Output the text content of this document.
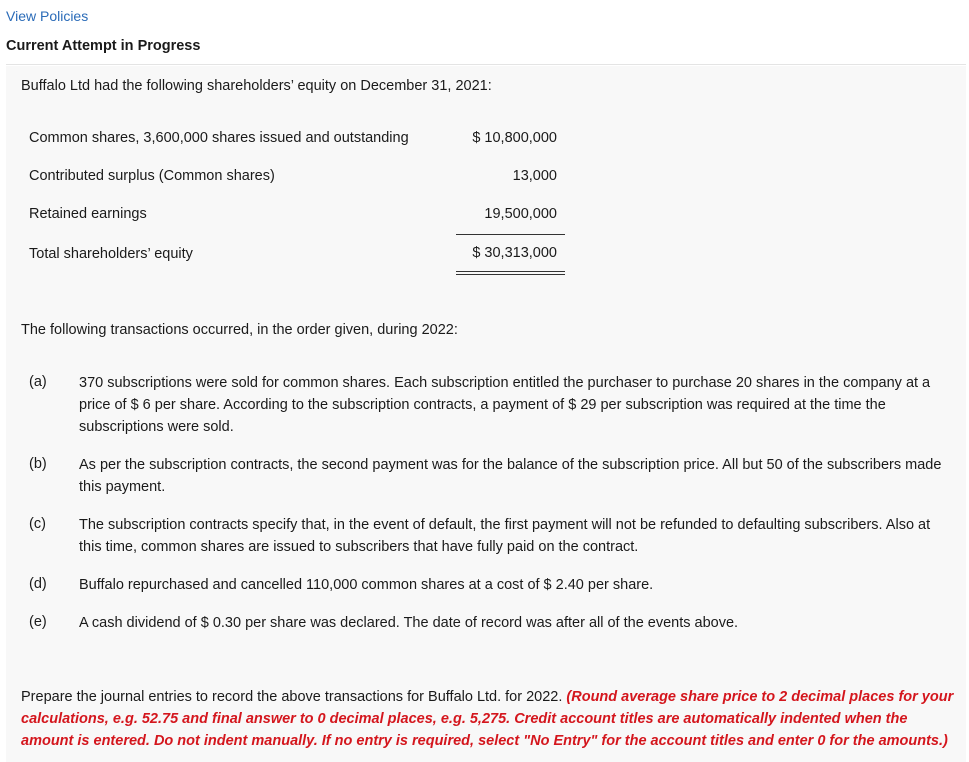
View Policies
Current Attempt in Progress
Buffalo Ltd had the following shareholders’ equity on December 31, 2021:
Common shares, 3,600,000 shares issued and outstanding	$ 10,800,000
Contributed surplus (Common shares)	13,000
Retained earnings	19,500,000
Total shareholders’ equity	$ 30,313,000
The following transactions occurred, in the order given, during 2022:
(a) 370 subscriptions were sold for common shares. Each subscription entitled the purchaser to purchase 20 shares in the company at a price of $ 6 per share. According to the subscription contracts, a payment of $ 29 per subscription was required at the time the subscriptions were sold.
(b) As per the subscription contracts, the second payment was for the balance of the subscription price. All but 50 of the subscribers made this payment.
(c) The subscription contracts specify that, in the event of default, the first payment will not be refunded to defaulting subscribers. Also at this time, common shares are issued to subscribers that have fully paid on the contract.
(d) Buffalo repurchased and cancelled 110,000 common shares at a cost of $ 2.40 per share.
(e) A cash dividend of $ 0.30 per share was declared. The date of record was after all of the events above.
Prepare the journal entries to record the above transactions for Buffalo Ltd. for 2022. (Round average share price to 2 decimal places for your calculations, e.g. 52.75 and final answer to 0 decimal places, e.g. 5,275. Credit account titles are automatically indented when the amount is entered. Do not indent manually. If no entry is required, select "No Entry" for the account titles and enter 0 for the amounts.)
